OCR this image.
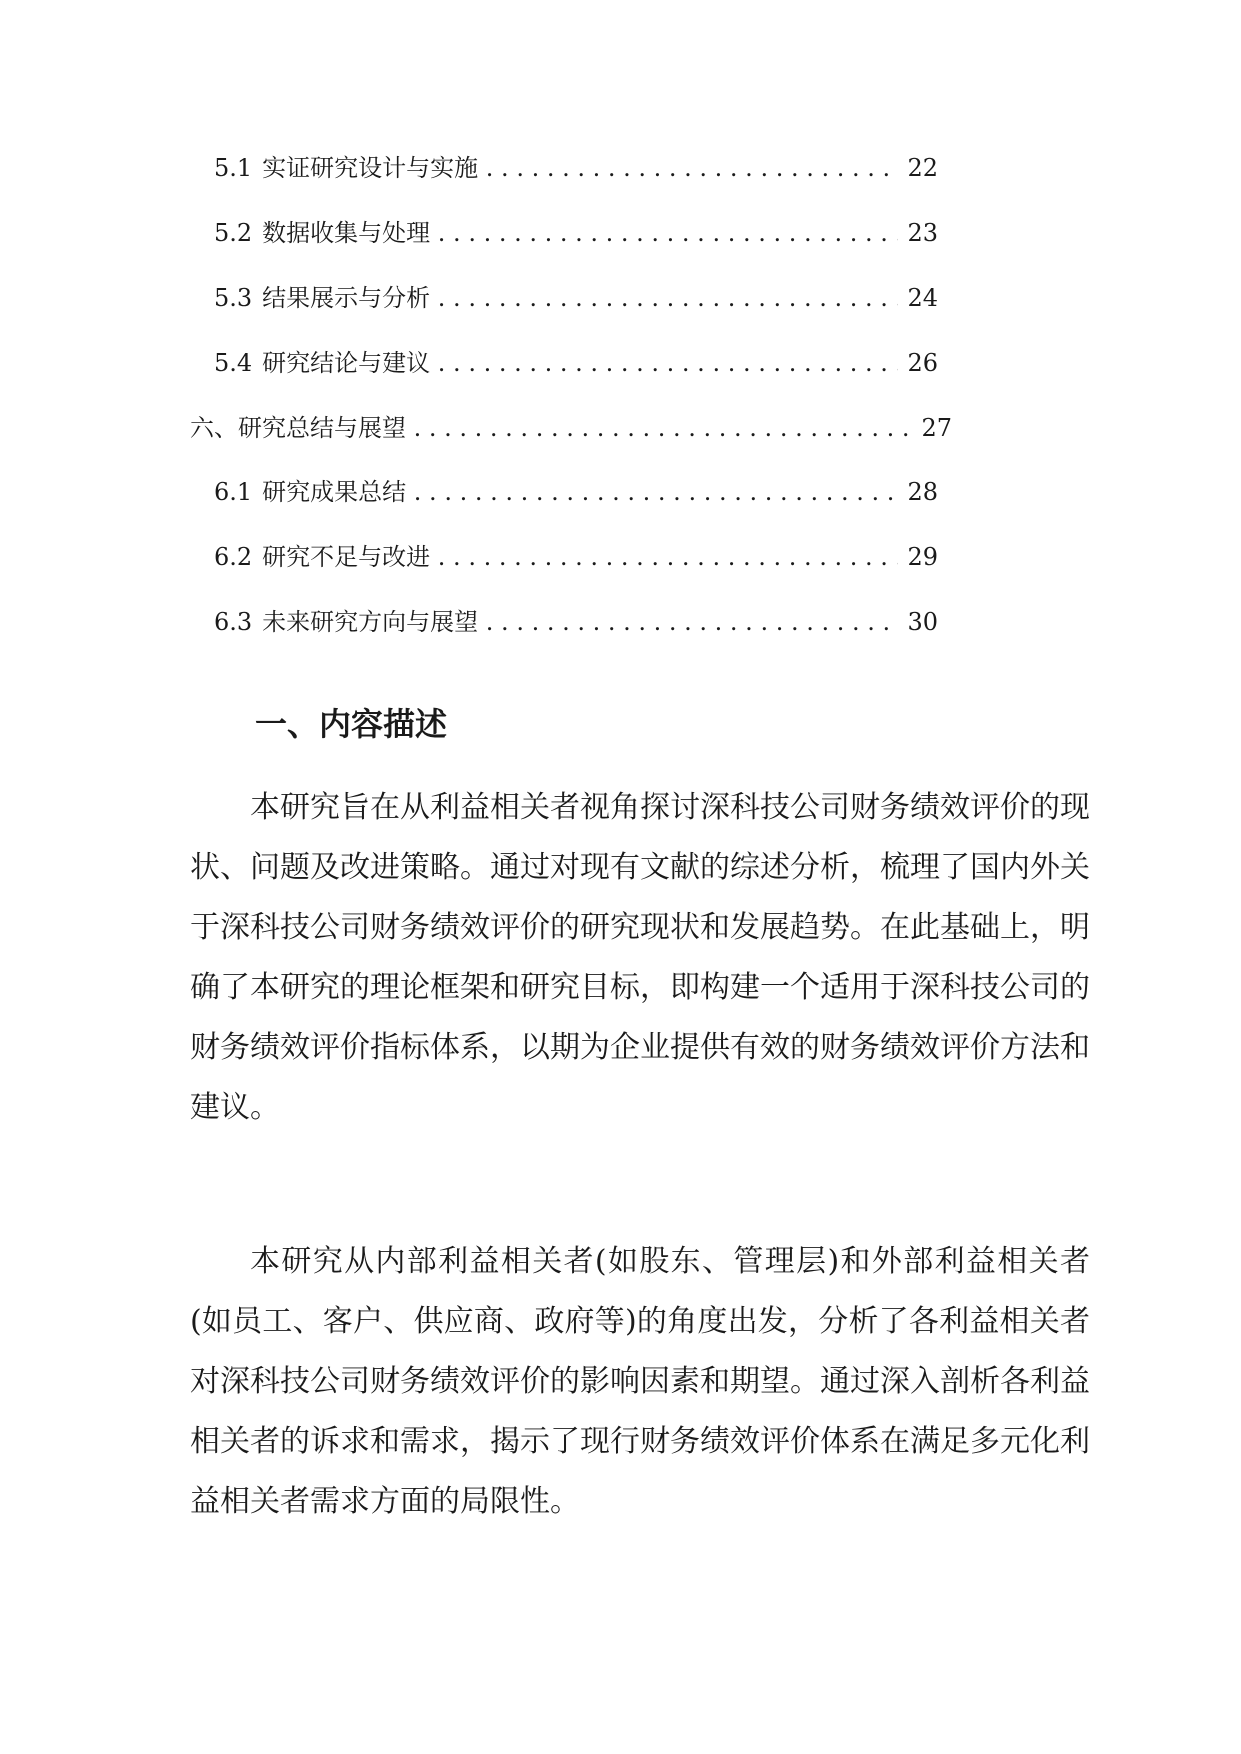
5.1 实证研究设计与实施 . . .	22
5.2 数据收集与处理 . . .	23
5.3 结果展示与分析 . . .	24
5.4 研究结论与建议 . . .	26
六、研究总结与展望 . . .	27
6.1 研究成果总结 . . .	28
6.2 研究不足与改进 . . .	29
6.3 未来研究方向与展望 . . .	30
一、内容描述

本研究旨在从利益相关者视角探讨深科技公司财务绩效评价的现状、问题及改进策略。通过对现有文献的综述分析，梳理了国内外关于深科技公司财务绩效评价的研究现状和发展趋势。在此基础上，明确了本研究的理论框架和研究目标，即构建一个适用于深科技公司的财务绩效评价指标体系，以期为企业提供有效的财务绩效评价方法和建议。

本研究从内部利益相关者(如股东、管理层)和外部利益相关者(如员工、客户、供应商、政府等)的角度出发，分析了各利益相关者对深科技公司财务绩效评价的影响因素和期望。通过深入剖析各利益相关者的诉求和需求，揭示了现行财务绩效评价体系在满足多元化利益相关者需求方面的局限性。
